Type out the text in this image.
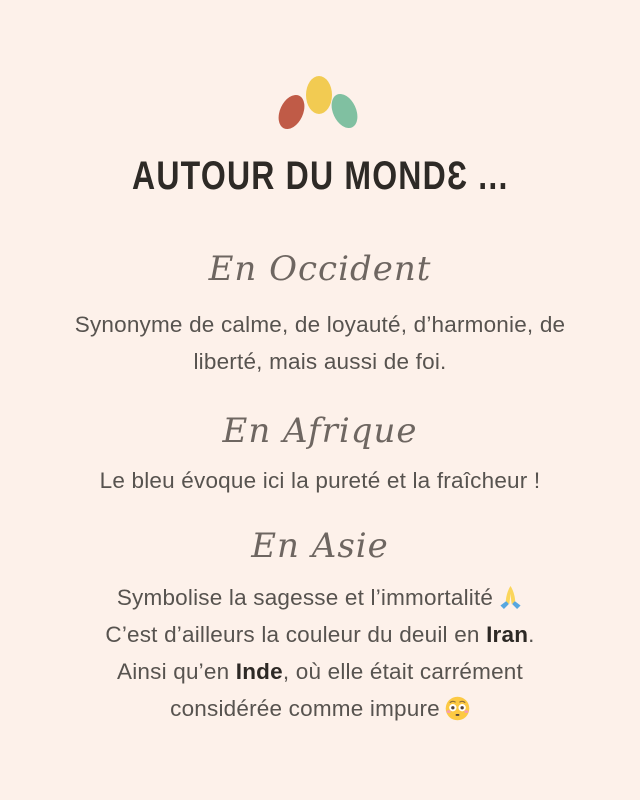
AUTOUR DU MONDƐ ...
En Occident

Synonyme de calme, de loyauté, d’harmonie, de liberté, mais aussi de foi.

En Afrique

Le bleu évoque ici la pureté et la fraîcheur !

En Asie
Symbolise la sagesse et l’immortalité
C’est d’ailleurs la couleur du deuil en Iran.
Ainsi qu’en Inde, où elle était carrément considérée comme impure
